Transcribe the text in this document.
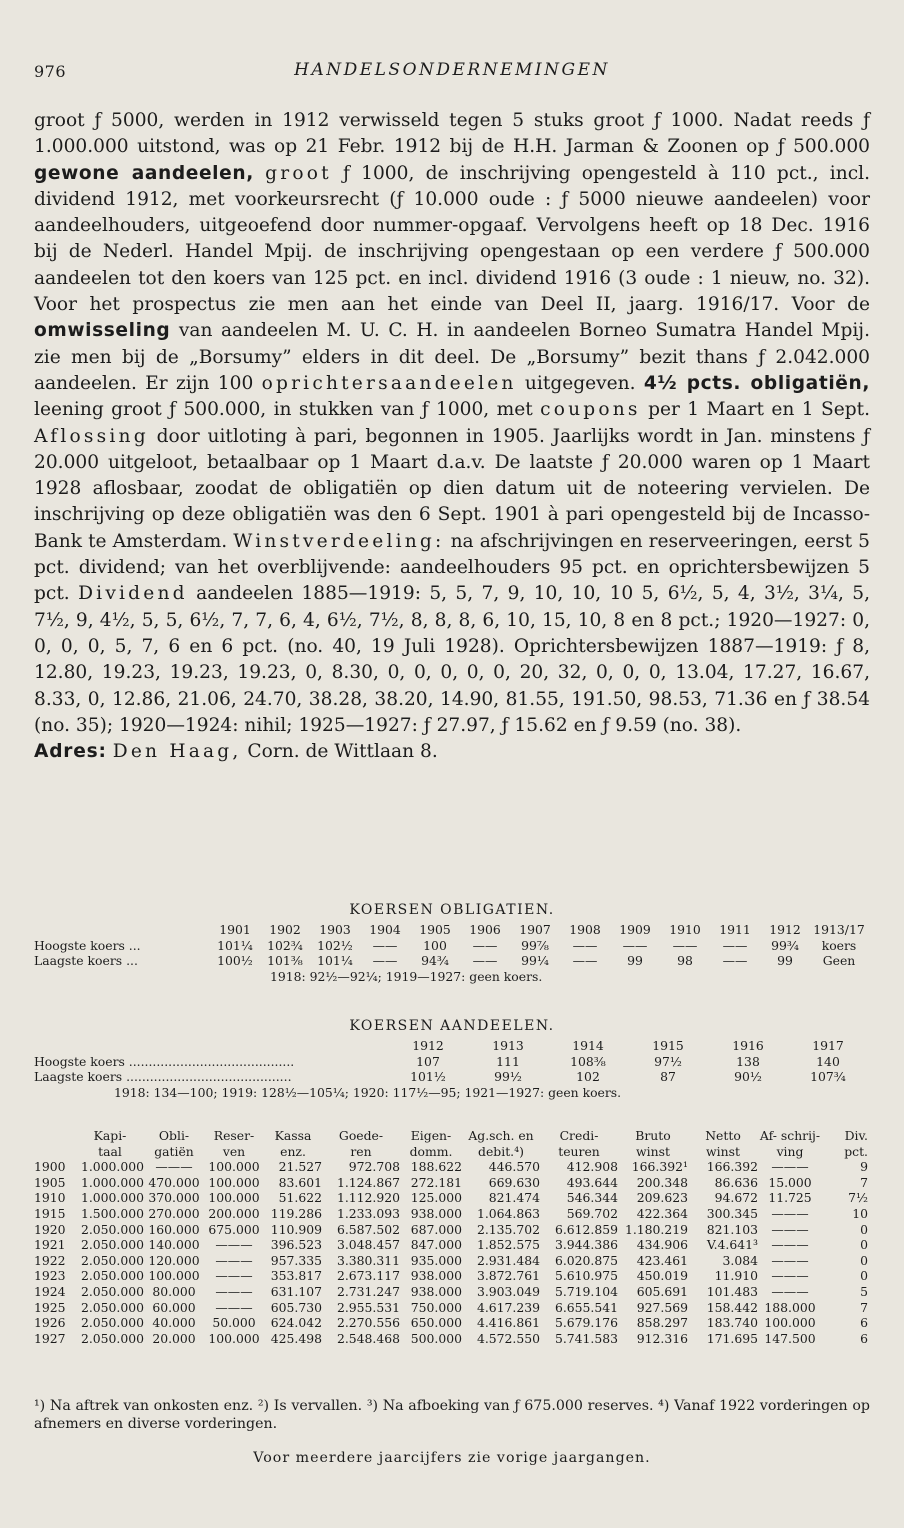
976	HANDELSONDERNEMINGEN

groot ƒ 5000, werden in 1912 verwisseld tegen 5 stuks groot ƒ 1000. Nadat reeds ƒ 1.000.000 uitstond, was op 21 Febr. 1912 bij de H.H. Jarman & Zoonen op ƒ 500.000 gewone aandeelen, groot ƒ 1000, de inschrijving opengesteld à 110 pct., incl. dividend 1912, met voorkeursrecht (ƒ 10.000 oude : ƒ 5000 nieuwe aandeelen) voor aandeelhouders, uitgeoefend door nummer-opgaaf. Vervolgens heeft op 18 Dec. 1916 bij de Nederl. Handel Mpij. de inschrijving opengestaan op een verdere ƒ 500.000 aandeelen tot den koers van 125 pct. en incl. dividend 1916 (3 oude : 1 nieuw, no. 32). Voor het prospectus zie men aan het einde van Deel II, jaarg. 1916/17. Voor de omwisseling van aandeelen M. U. C. H. in aandeelen Borneo Sumatra Handel Mpij. zie men bij de „Borsumy” elders in dit deel. De „Borsumy” bezit thans ƒ 2.042.000 aandeelen. Er zijn 100 oprichtersaandeelen uitgegeven. 4½ pcts. obligatiën, leening groot ƒ 500.000, in stukken van ƒ 1000, met coupons per 1 Maart en 1 Sept. Aflossing door uitloting à pari, begonnen in 1905. Jaarlijks wordt in Jan. minstens ƒ 20.000 uitgeloot, betaalbaar op 1 Maart d.a.v. De laatste ƒ 20.000 waren op 1 Maart 1928 aflosbaar, zoodat de obligatiën op dien datum uit de noteering vervielen. De inschrijving op deze obligatiën was den 6 Sept. 1901 à pari opengesteld bij de Incasso-Bank te Amsterdam. Winstverdeeling: na afschrijvingen en reserveeringen, eerst 5 pct. dividend; van het overblijvende: aandeelhouders 95 pct. en oprichtersbewijzen 5 pct. Dividend aandeelen 1885—1919: 5, 5, 7, 9, 10, 10, 10 5, 6½, 5, 4, 3½, 3¼, 5, 7½, 9, 4½, 5, 5, 6½, 7, 7, 6, 4, 6½, 7½, 8, 8, 8, 6, 10, 15, 10, 8 en 8 pct.; 1920—1927: 0, 0, 0, 0, 5, 7, 6 en 6 pct. (no. 40, 19 Juli 1928). Oprichtersbewijzen 1887—1919: ƒ 8, 12.80, 19.23, 19.23, 19.23, 0, 8.30, 0, 0, 0, 0, 0, 20, 32, 0, 0, 0, 13.04, 17.27, 16.67, 8.33, 0, 12.86, 21.06, 24.70, 38.28, 38.20, 14.90, 81.55, 191.50, 98.53, 71.36 en ƒ 38.54 (no. 35); 1920—1924: nihil; 1925—1927: ƒ 27.97, ƒ 15.62 en ƒ 9.59 (no. 38).

Adres: Den Haag, Corn. de Wittlaan 8.

KOERSEN OBLIGATIEN.
	1901	1902	1903	1904	1905	1906	1907	1908	1909	1910	1911	1912	1913/17
Hoogste koers ...	101¼	102¾	102½	——	100	——	99⅞	——	——	——	——	99¾	koers
Laagste koers ...	100½	101⅜	101¼	——	94¾	——	99¼	——	99	98	——	99	Geen
	1918: 92½—92¼; 1919—1927: geen koers.												
KOERSEN AANDEELEN.
	1912	1913	1914	1915	1916	1917
Hoogste koers ..........................................	107	111	108⅜	97½	138	140
Laagste koers ..........................................	101½	99½	102	87	90½	107¾
1918: 134—100; 1919: 128½—105¼; 1920: 117½—95; 1921—1927: geen koers.						
	Kapi-	Obli-	Reser-	Kassa	Goede-	Eigen-	Ag.sch. en	Credi-	Bruto	Netto	Af- schrij-	Div.
	taal	gatiën	ven	enz.	ren	domm.	debit.⁴)	teuren	winst	winst	ving	pct.
1900	1.000.000	———	100.000	21.527	972.708	188.622	446.570	412.908	166.392¹	166.392	———	9
1905	1.000.000	470.000	100.000	83.601	1.124.867	272.181	669.630	493.644	200.348	86.636	15.000	7
1910	1.000.000	370.000	100.000	51.622	1.112.920	125.000	821.474	546.344	209.623	94.672	11.725	7½
1915	1.500.000	270.000	200.000	119.286	1.233.093	938.000	1.064.863	569.702	422.364	300.345	———	10
1920	2.050.000	160.000	675.000	110.909	6.587.502	687.000	2.135.702	6.612.859	1.180.219	821.103	———	0
1921	2.050.000	140.000	———	396.523	3.048.457	847.000	1.852.575	3.944.386	434.906	V.4.641³	———	0
1922	2.050.000	120.000	———	957.335	3.380.311	935.000	2.931.484	6.020.875	423.461	3.084	———	0
1923	2.050.000	100.000	———	353.817	2.673.117	938.000	3.872.761	5.610.975	450.019	11.910	———	0
1924	2.050.000	80.000	———	631.107	2.731.247	938.000	3.903.049	5.719.104	605.691	101.483	———	5
1925	2.050.000	60.000	———	605.730	2.955.531	750.000	4.617.239	6.655.541	927.569	158.442	188.000	7
1926	2.050.000	40.000	50.000	624.042	2.270.556	650.000	4.416.861	5.679.176	858.297	183.740	100.000	6
1927	2.050.000	20.000	100.000	425.498	2.548.468	500.000	4.572.550	5.741.583	912.316	171.695	147.500	6
¹) Na aftrek van onkosten enz. ²) Is vervallen. ³) Na afboeking van ƒ 675.000 reserves. ⁴) Vanaf 1922 vorderingen op afnemers en diverse vorderingen.
Voor meerdere jaarcijfers zie vorige jaargangen.
